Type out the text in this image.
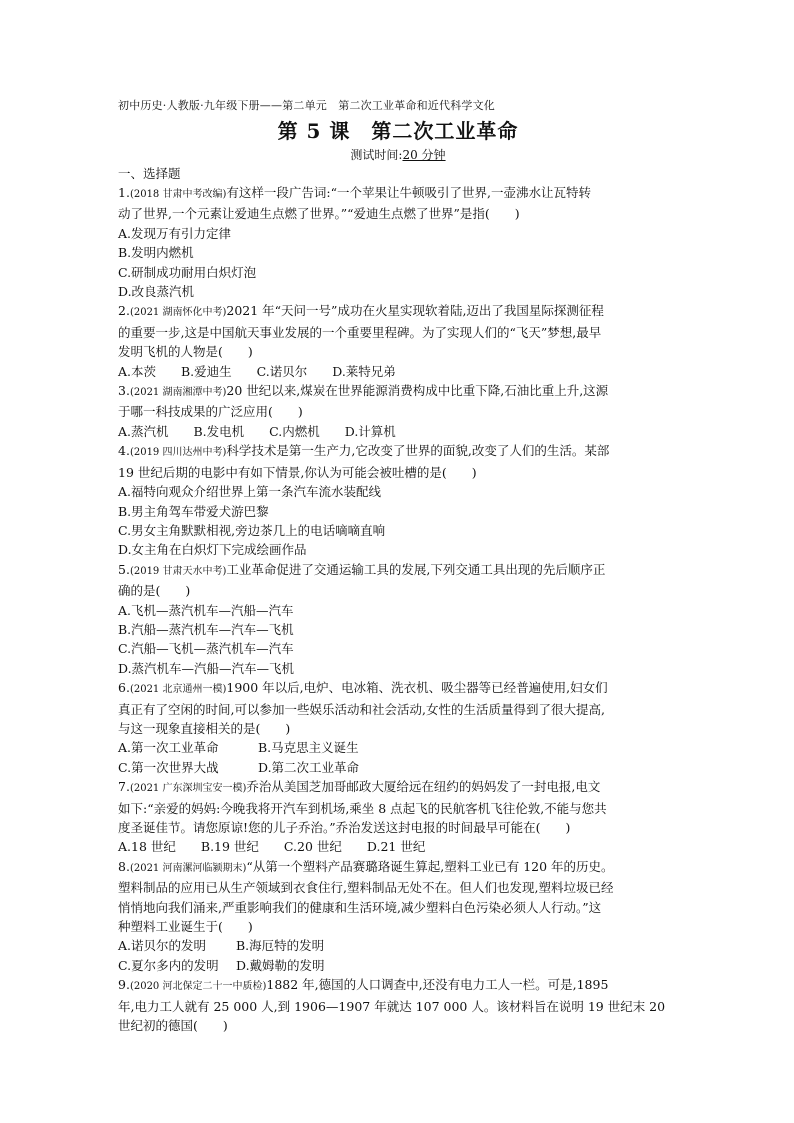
初中历史·人教版·九年级下册——第二单元　第二次工业革命和近代科学文化
第 5 课　第二次工业革命
测试时间:20 分钟
一、选择题
1.(2018 甘肃中考改编)有这样一段广告词:“一个苹果让牛顿吸引了世界,一壶沸水让瓦特转
动了世界,一个元素让爱迪生点燃了世界。”“爱迪生点燃了世界”是指(　　)
A.发现万有引力定律
B.发明内燃机
C.研制成功耐用白炽灯泡
D.改良蒸汽机
2.(2021 湖南怀化中考)2021 年“天问一号”成功在火星实现软着陆,迈出了我国星际探测征程
的重要一步,这是中国航天事业发展的一个重要里程碑。为了实现人们的“飞天”梦想,最早
发明飞机的人物是(　　)
A.本茨　　B.爱迪生　　C.诺贝尔　　D.莱特兄弟
3.(2021 湖南湘潭中考)20 世纪以来,煤炭在世界能源消费构成中比重下降,石油比重上升,这源
于哪一科技成果的广泛应用(　　)
A.蒸汽机　　B.发电机　　C.内燃机　　D.计算机
4.(2019 四川达州中考)科学技术是第一生产力,它改变了世界的面貌,改变了人们的生活。某部
19 世纪后期的电影中有如下情景,你认为可能会被吐槽的是(　　)
A.福特向观众介绍世界上第一条汽车流水装配线
B.男主角驾车带爱犬游巴黎
C.男女主角默默相视,旁边茶几上的电话嘀嘀直响
D.女主角在白炽灯下完成绘画作品
5.(2019 甘肃天水中考)工业革命促进了交通运输工具的发展,下列交通工具出现的先后顺序正
确的是(　　)
A.飞机—蒸汽机车—汽船—汽车
B.汽船—蒸汽机车—汽车—飞机
C.汽船—飞机—蒸汽机车—汽车
D.蒸汽机车—汽船—汽车—飞机
6.(2021 北京通州一模)1900 年以后,电炉、电冰箱、洗衣机、吸尘器等已经普遍使用,妇女们
真正有了空闲的时间,可以参加一些娱乐活动和社会活动,女性的生活质量得到了很大提高,
与这一现象直接相关的是(　　)
A.第一次工业革命	B.马克思主义诞生
C.第一次世界大战	D.第二次工业革命
7.(2021 广东深圳宝安一模)乔治从美国芝加哥邮政大厦给远在纽约的妈妈发了一封电报,电文
如下:“亲爱的妈妈:今晚我将开汽车到机场,乘坐 8 点起飞的民航客机飞往伦敦,不能与您共
度圣诞佳节。请您原谅!您的儿子乔治。”乔治发送这封电报的时间最早可能在(　　)
A.18 世纪　　B.19 世纪　　C.20 世纪　　D.21 世纪
8.(2021 河南漯河临颍期末)“从第一个塑料产品赛璐珞诞生算起,塑料工业已有 120 年的历史。
塑料制品的应用已从生产领域到衣食住行,塑料制品无处不在。但人们也发现,塑料垃圾已经
悄悄地向我们涌来,严重影响我们的健康和生活环境,减少塑料白色污染必须人人行动。”这
种塑料工业诞生于(　　)
A.诺贝尔的发明 B.海厄特的发明
C.夏尔多内的发明 D.戴姆勒的发明
9.(2020 河北保定二十一中质检)1882 年,德国的人口调查中,还没有电力工人一栏。可是,1895
年,电力工人就有 25 000 人,到 1906—1907 年就达 107 000 人。该材料旨在说明 19 世纪末 20
世纪初的德国(　　)
